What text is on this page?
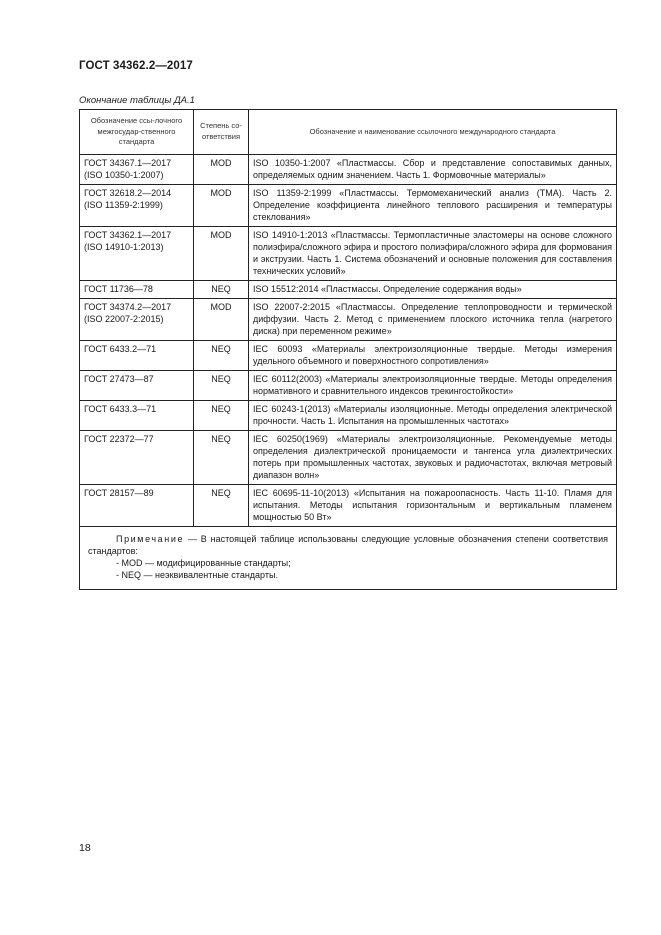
ГОСТ 34362.2—2017
Окончание таблицы ДА.1
Обозначение ссы-лочного межгосудар-ственного стандарта	Степень со-ответствия	Обозначение и наименование ссылочного международного стандарта
ГОСТ 34367.1—2017 (ISO 10350-1:2007)	MOD	ISO 10350-1:2007 «Пластмассы. Сбор и представление сопоставимых данных, определяемых одним значением. Часть 1. Формовочные материалы»
ГОСТ 32618.2—2014 (ISO 11359-2:1999)	MOD	ISO 11359-2:1999 «Пластмассы. Термомеханический анализ (ТМА). Часть 2. Определение коэффициента линейного теплового расширения и температуры стеклования»
ГОСТ 34362.1—2017 (ISO 14910-1:2013)	MOD	ISO 14910-1:2013 «Пластмассы. Термопластичные эластомеры на основе сложного полиэфира/сложного эфира и простого полиэфира/сложного эфира для формования и экструзии. Часть 1. Система обозначений и основные положения для составления технических условий»
ГОСТ 11736—78	NEQ	ISO 15512:2014 «Пластмассы. Определение содержания воды»
ГОСТ 34374.2—2017 (ISO 22007-2:2015)	MOD	ISO 22007-2:2015 «Пластмассы. Определение теплопроводности и термической диффузии. Часть 2. Метод с применением плоского источника тепла (нагретого диска) при переменном режиме»
ГОСТ 6433.2—71	NEQ	IEC 60093 «Материалы электроизоляционные твердые. Методы измерения удельного объемного и поверхностного сопротивления»
ГОСТ 27473—87	NEQ	IEC 60112(2003) «Материалы электроизоляционные твердые. Методы определения нормативного и сравнительного индексов трекингостойкости»
ГОСТ 6433.3—71	NEQ	IEC 60243-1(2013) «Материалы изоляционные. Методы определения электрической прочности. Часть 1. Испытания на промышленных частотах»
ГОСТ 22372—77	NEQ	IEC 60250(1969) «Материалы электроизоляционные. Рекомендуемые методы определения диэлектрической проницаемости и тангенса угла диэлектрических потерь при промышленных частотах, звуковых и радиочастотах, включая метровый диапазон волн»
ГОСТ 28157—89	NEQ	IEC 60695-11-10(2013) «Испытания на пожароопасность. Часть 11-10. Пламя для испытания. Методы испытания горизонтальным и вертикальным пламенем мощностью 50 Вт»

Примечание — В настоящей таблице использованы следующие условные обозначения степени соответствия стандартов:
- MOD — модифицированные стандарты;
- NEQ — неэквивалентные стандарты.		
18
